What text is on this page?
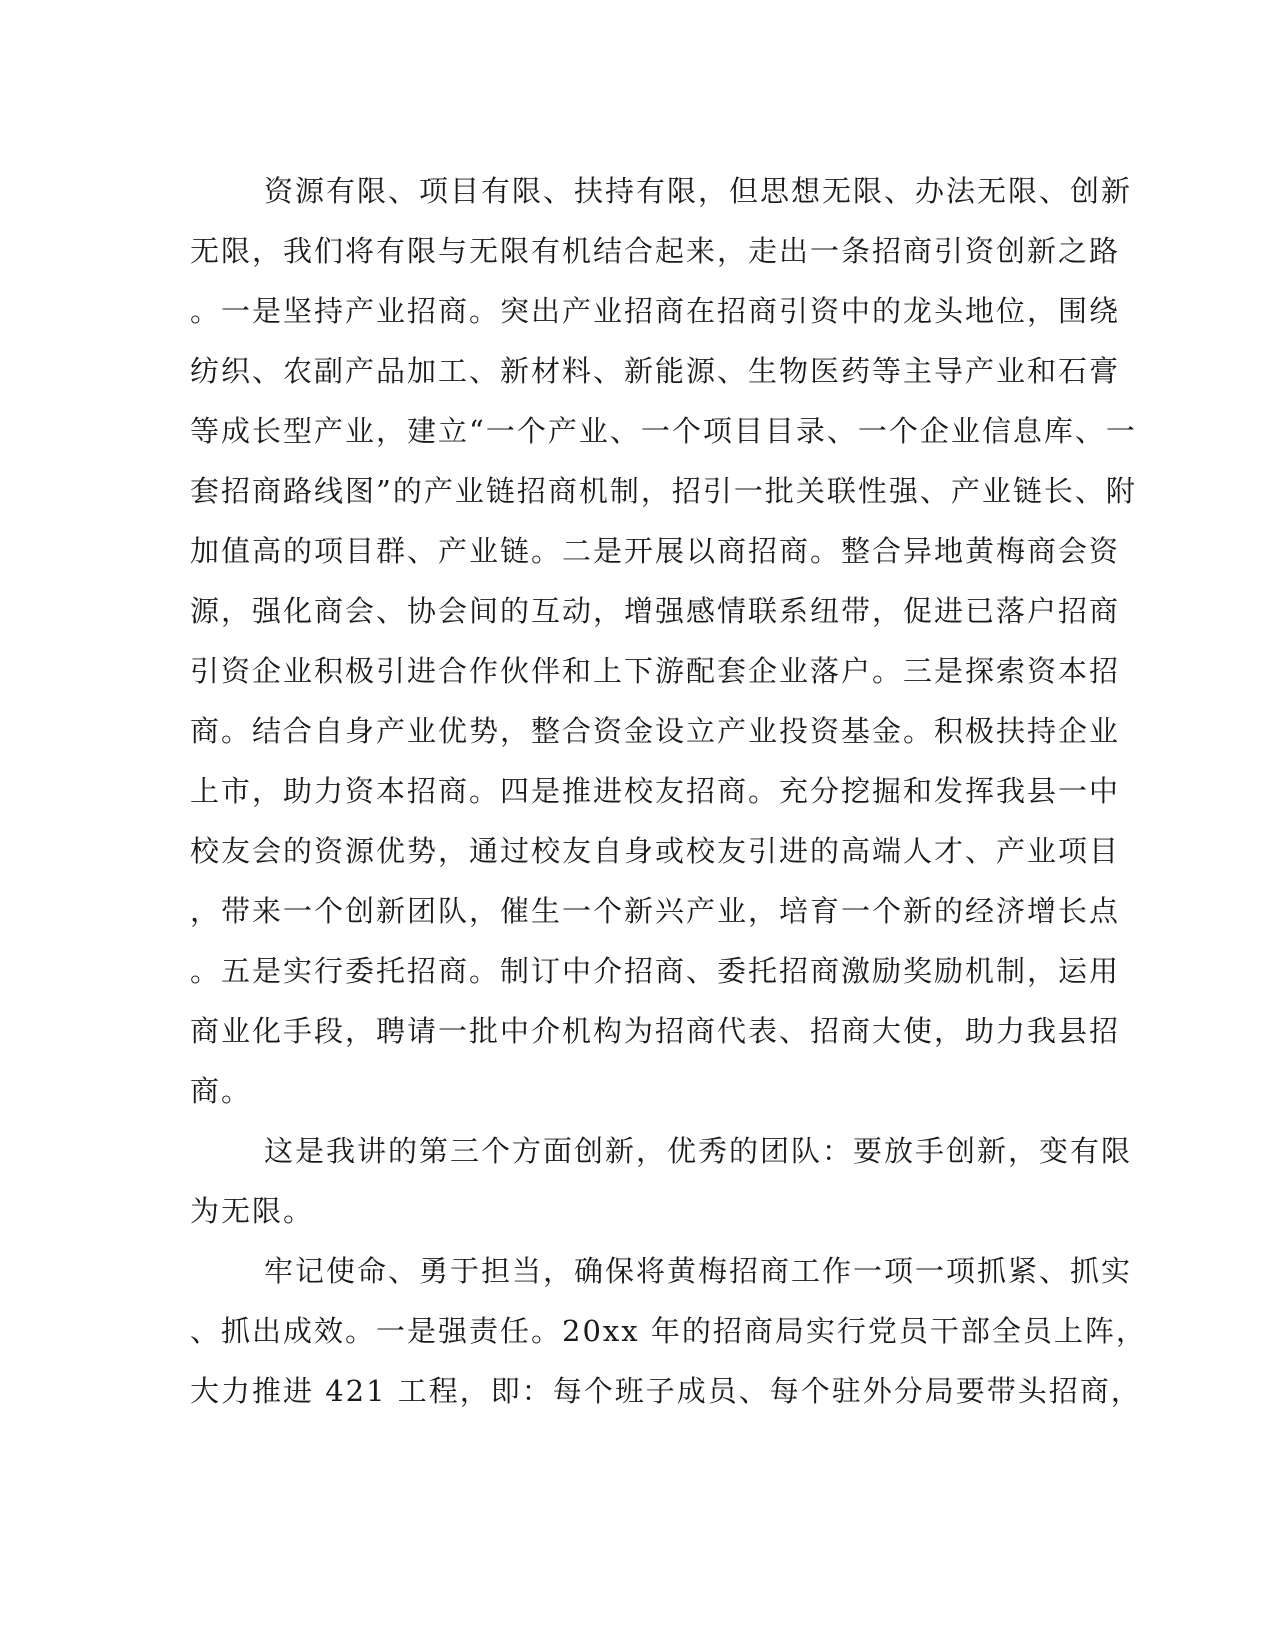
资源有限、项目有限、扶持有限，但思想无限、办法无限、创新
无限，我们将有限与无限有机结合起来，走出一条招商引资创新之路
。一是坚持产业招商。突出产业招商在招商引资中的龙头地位，围绕
纺织、农副产品加工、新材料、新能源、生物医药等主导产业和石膏
等成长型产业，建立“一个产业、一个项目目录、一个企业信息库、一
套招商路线图”的产业链招商机制，招引一批关联性强、产业链长、附
加值高的项目群、产业链。二是开展以商招商。整合异地黄梅商会资
源，强化商会、协会间的互动，增强感情联系纽带，促进已落户招商
引资企业积极引进合作伙伴和上下游配套企业落户。三是探索资本招
商。结合自身产业优势，整合资金设立产业投资基金。积极扶持企业
上市，助力资本招商。四是推进校友招商。充分挖掘和发挥我县一中
校友会的资源优势，通过校友自身或校友引进的高端人才、产业项目
，带来一个创新团队，催生一个新兴产业，培育一个新的经济增长点
。五是实行委托招商。制订中介招商、委托招商激励奖励机制，运用
商业化手段，聘请一批中介机构为招商代表、招商大使，助力我县招
商。
这是我讲的第三个方面创新，优秀的团队：要放手创新，变有限
为无限。
牢记使命、勇于担当，确保将黄梅招商工作一项一项抓紧、抓实
、抓出成效。一是强责任。20xx 年的招商局实行党员干部全员上阵，
大力推进 421 工程，即：每个班子成员、每个驻外分局要带头招商，
